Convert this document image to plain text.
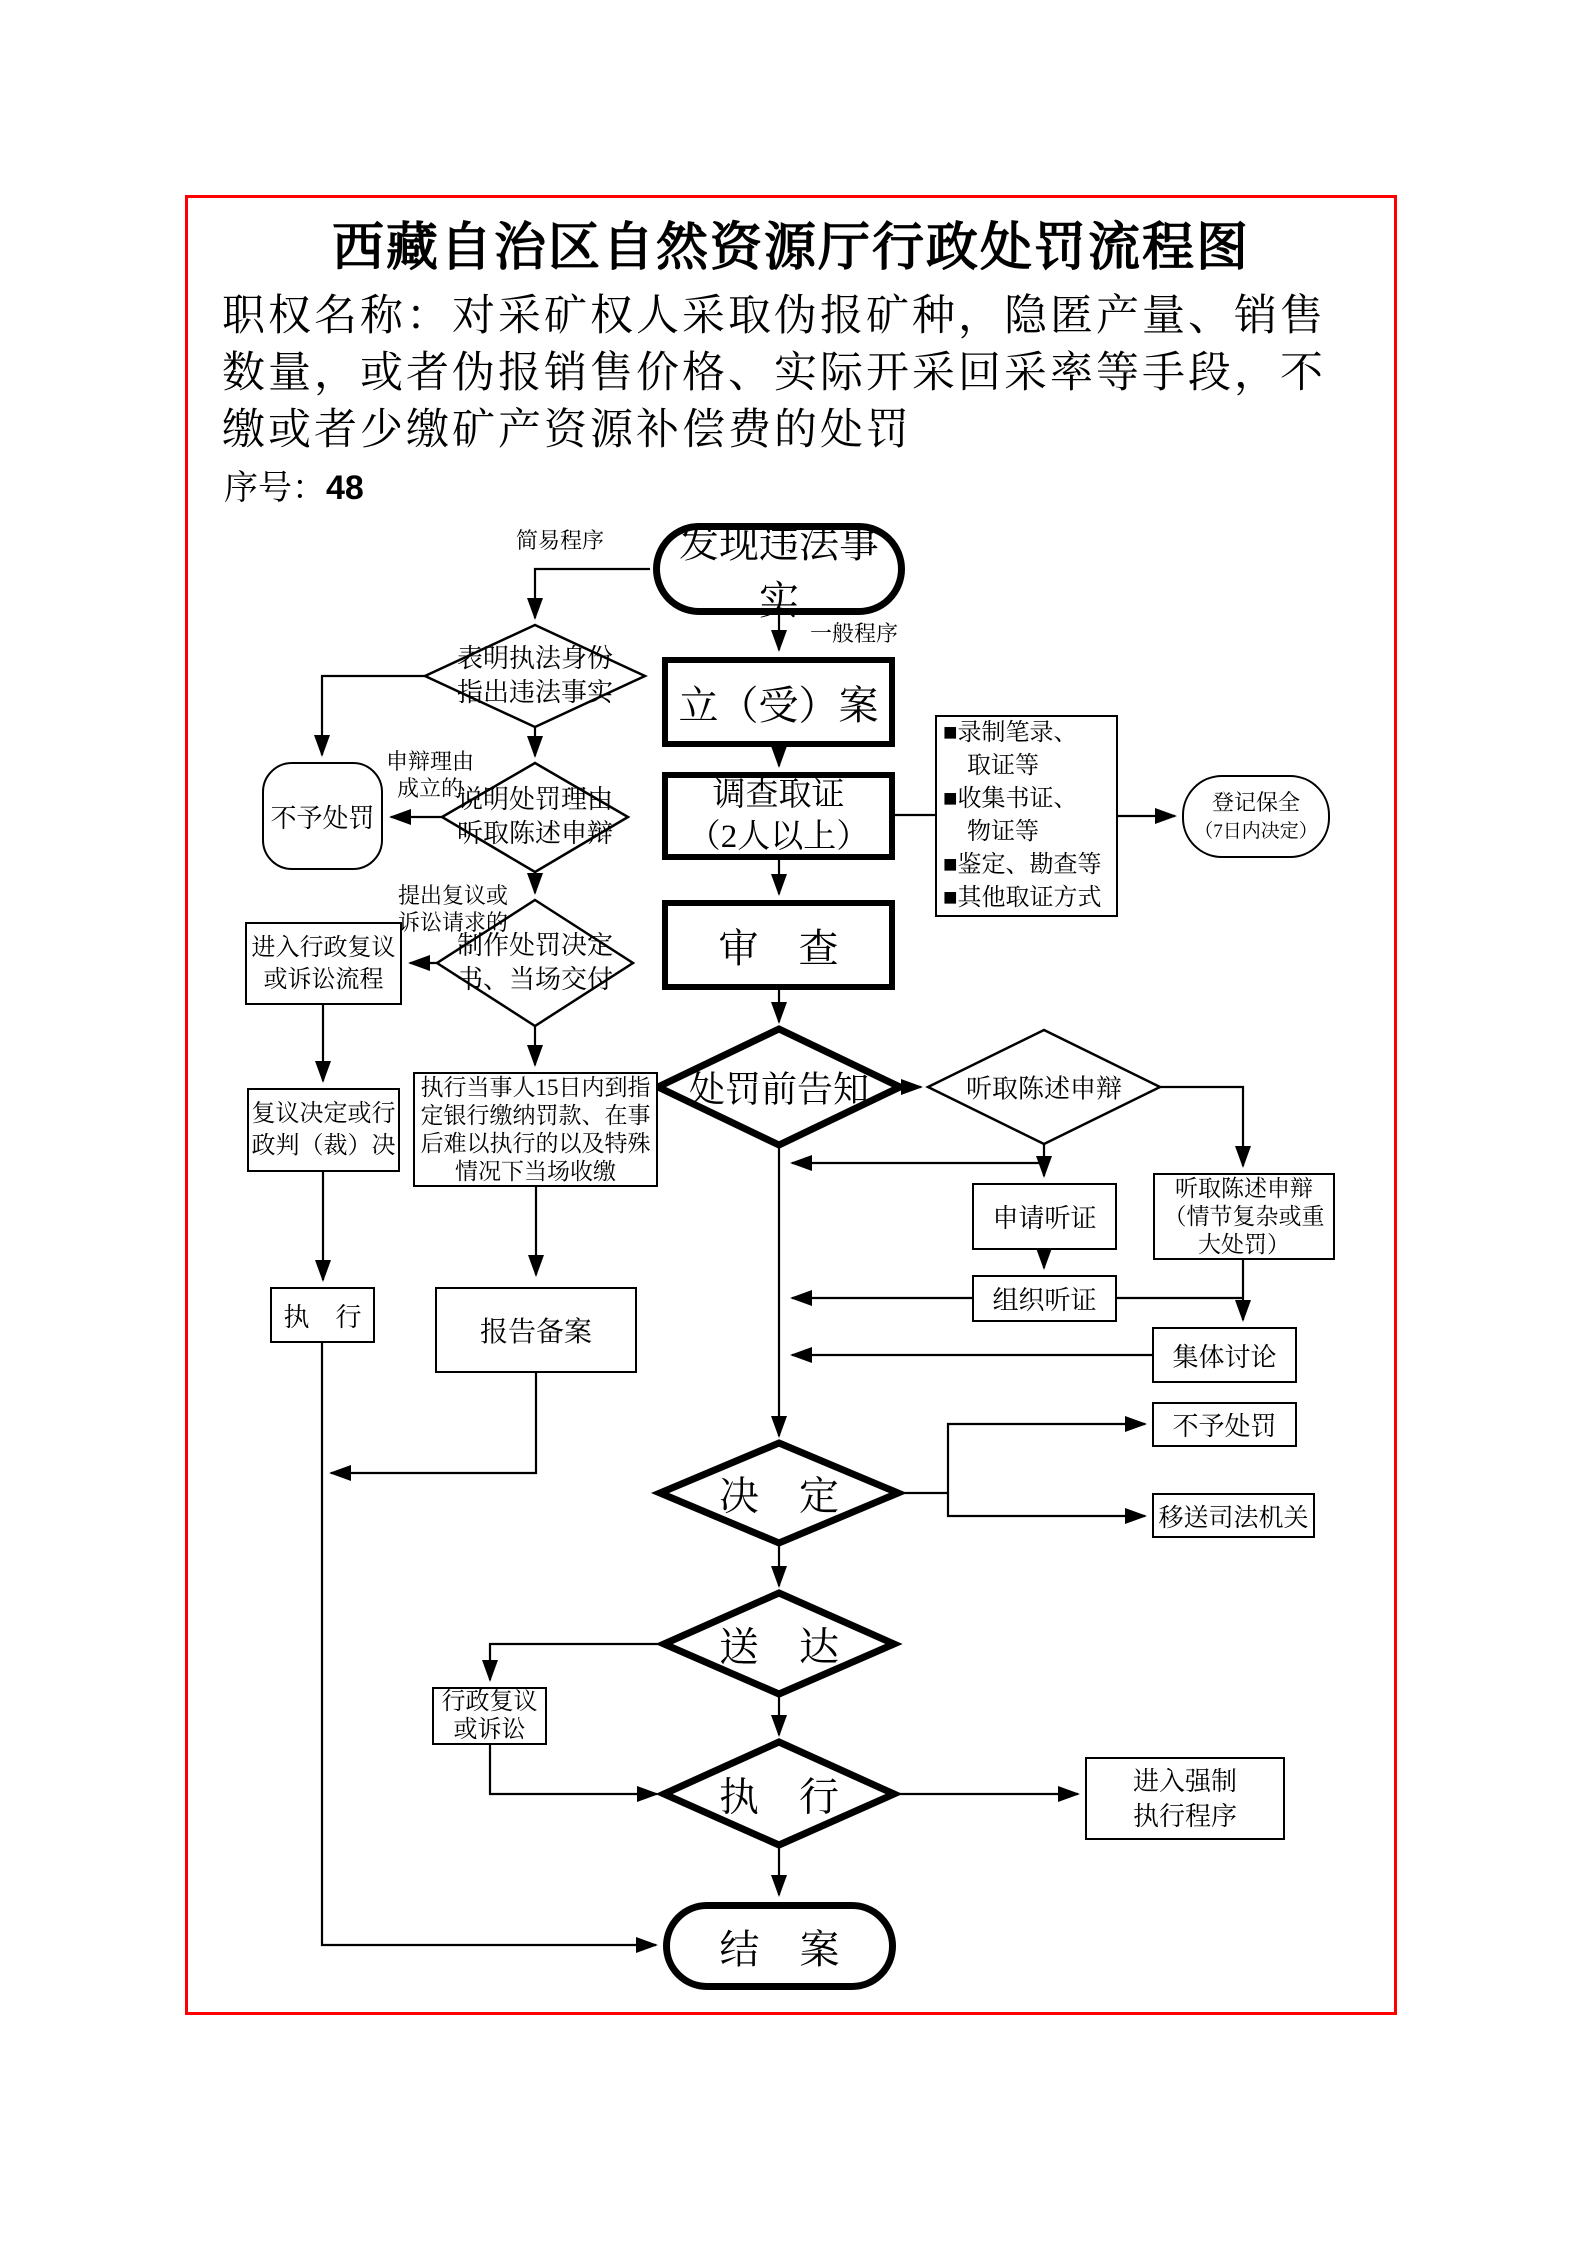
西藏自治区自然资源厅行政处罚流程图
职权名称：对采矿权人采取伪报矿种，隐匿产量、销售
数量，或者伪报销售价格、实际开采回采率等手段，不
缴或者少缴矿产资源补偿费的处罚
序号：48
发现违法事实
立（受）案
调查取证
（2人以上）
审　查
■录制笔录、
　取证等
■收集书证、
　物证等
■鉴定、勘查等
■其他取证方式
登记保全
（7日内决定）
不予处罚
进入行政复议
或诉讼流程
复议决定或行
政判（裁）决
执　行	报告备案
执行当事人15日内到指
定银行缴纳罚款、在事
后难以执行的以及特殊
情况下当场收缴
申请听证
组织听证
听取陈述申辩
（情节复杂或重
大处罚）
集体讨论
不予处罚
移送司法机关
进入强制
执行程序
行政复议
或诉讼
结　案
表明执法身份
指出违法事实
说明处罚理由
听取陈述申辩
制作处罚决定
书、当场交付
处罚前告知	听取陈述申辩
决　定
送　达
执　行
简易程序
一般程序
申辩理由
成立的
提出复议或
诉讼请求的
